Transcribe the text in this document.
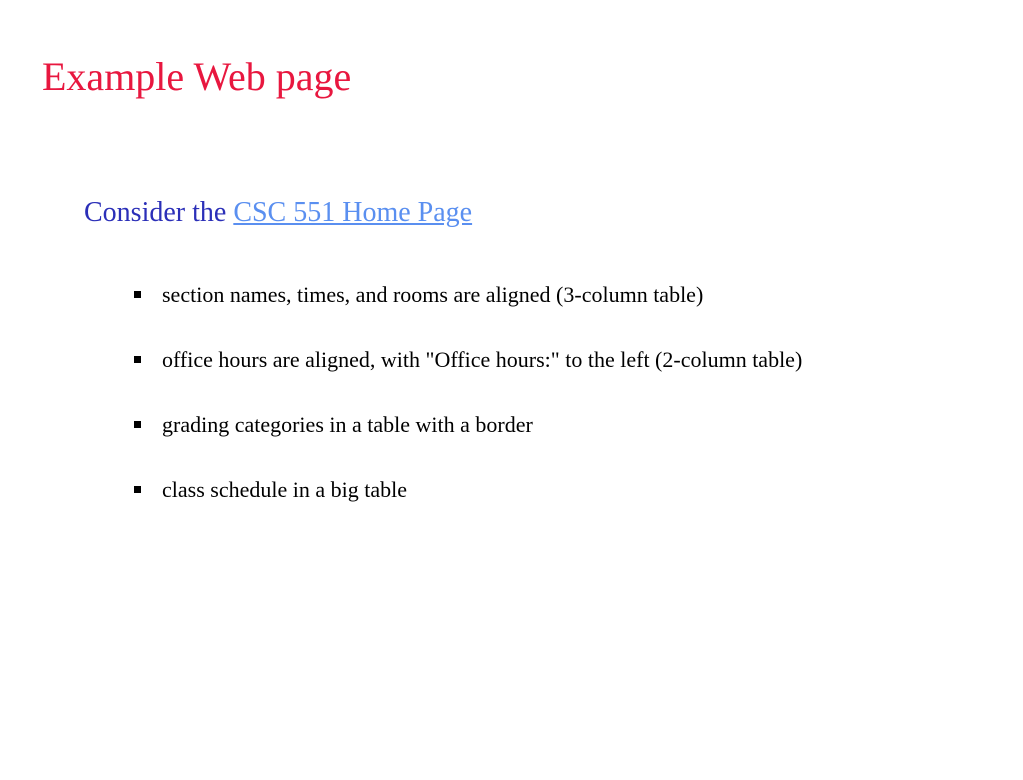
Example Web page

Consider the CSC 551 Home Page

section names, times, and rooms are aligned (3-column table)
office hours are aligned, with "Office hours:" to the left (2-column table)
grading categories in a table with a border
class schedule in a big table
